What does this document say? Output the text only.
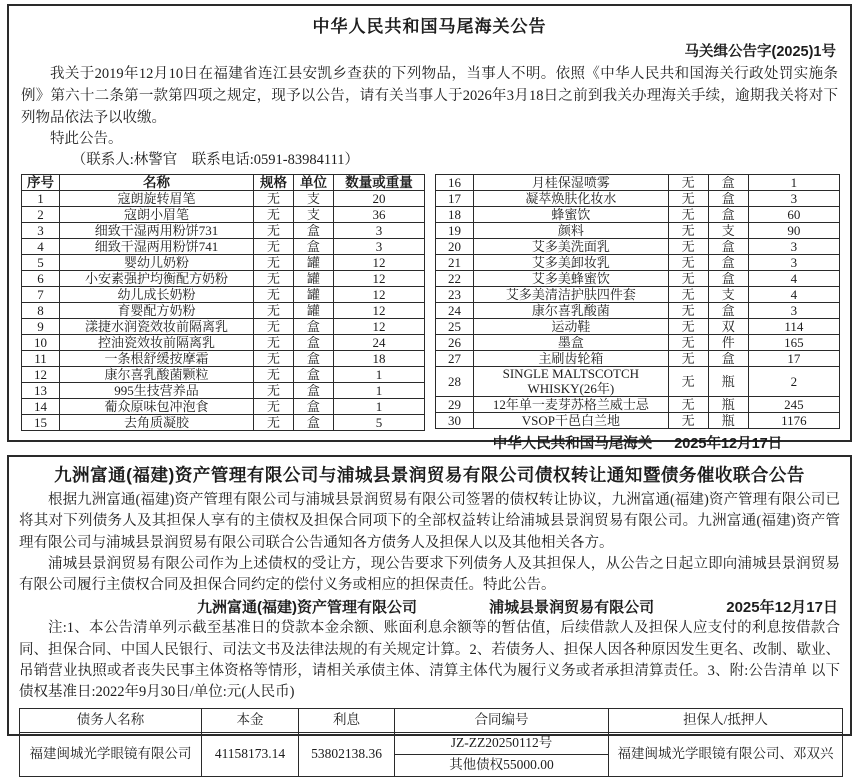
中华人民共和国马尾海关公告
马关缉公告字(2025)1号
我关于2019年12月10日在福建省连江县安凯乡查获的下列物品，当事人不明。依照《中华人民共和国海关行政处罚实施条例》第六十二条第一款第四项之规定，现予以公告，请有关当事人于2026年3月18日之前到我关办理海关手续，逾期我关将对下列物品依法予以收缴。
特此公告。
（联系人:林警官　联系电话:0591-83984111）
序号	名称	规格	单位	数量或重量
1	寇朗旋转眉笔	无	支	20
2	寇朗小眉笔	无	支	36
3	细致干湿两用粉饼731	无	盒	3
4	细致干湿两用粉饼741	无	盒	3
5	婴幼儿奶粉	无	罐	12
6	小安素强护均衡配方奶粉	无	罐	12
7	幼儿成长奶粉	无	罐	12
8	育婴配方奶粉	无	罐	12
9	漾捷水润瓷效妆前隔离乳	无	盒	12
10	控油瓷效妆前隔离乳	无	盒	24
11	一条根舒缓按摩霜	无	盒	18
12	康尔喜乳酸菌颗粒	无	盒	1
13	995生技营养品	无	盒	1
14	葡众原味包冲泡食	无	盒	1
15	去角质凝胶	无	盒	5
16	月桂保湿喷雾	无	盒	1
17	凝萃焕肤化妆水	无	盒	3
18	蜂蜜饮	无	盒	60
19	颜料	无	支	90
20	艾多美洗面乳	无	盒	3
21	艾多美卸妆乳	无	盒	3
22	艾多美蜂蜜饮	无	盒	4
23	艾多美清洁护肤四件套	无	支	4
24	康尔喜乳酸菌	无	盒	3
25	运动鞋	无	双	114
26	墨盒	无	件	165
27	主刷齿轮箱	无	盒	17
28	SINGLE MALTSCOTCH WHISKY(26年)	无	瓶	2
29	12年单一麦芽苏格兰威士忌	无	瓶	245
30	VSOP干邑白兰地	无	瓶	1176
中华人民共和国马尾海关 2025年12月17日
九洲富通(福建)资产管理有限公司与浦城县景润贸易有限公司债权转让通知暨债务催收联合公告
根据九洲富通(福建)资产管理有限公司与浦城县景润贸易有限公司签署的债权转让协议，九洲富通(福建)资产管理有限公司已将其对下列债务人及其担保人享有的主债权及担保合同项下的全部权益转让给浦城县景润贸易有限公司。九洲富通(福建)资产管理有限公司与浦城县景润贸易有限公司联合公告通知各方债务人及担保人以及其他相关各方。
浦城县景润贸易有限公司作为上述债权的受让方，现公告要求下列债务人及其担保人，从公告之日起立即向浦城县景润贸易有限公司履行主债权合同及担保合同约定的偿付义务或相应的担保责任。特此公告。
九洲富通(福建)资产管理有限公司	浦城县景润贸易有限公司	2025年12月17日
注:1、本公告清单列示截至基准日的贷款本金余额、账面利息余额等的暂估值，后续借款人及担保人应支付的利息按借款合同、担保合同、中国人民银行、司法文书及法律法规的有关规定计算。2、若债务人、担保人因各种原因发生更名、改制、歇业、吊销营业执照或者丧失民事主体资格等情形，请相关承债主体、清算主体代为履行义务或者承担清算责任。3、附:公告清单 以下债权基准日:2022年9月30日/单位:元(人民币)
债务人名称	本金	利息	合同编号	担保人/抵押人
福建闽城光学眼镜有限公司	41158173.14	53802138.36	JZ-ZZ20250112号	福建闽城光学眼镜有限公司、邓双兴
			其他债权55000.00	
